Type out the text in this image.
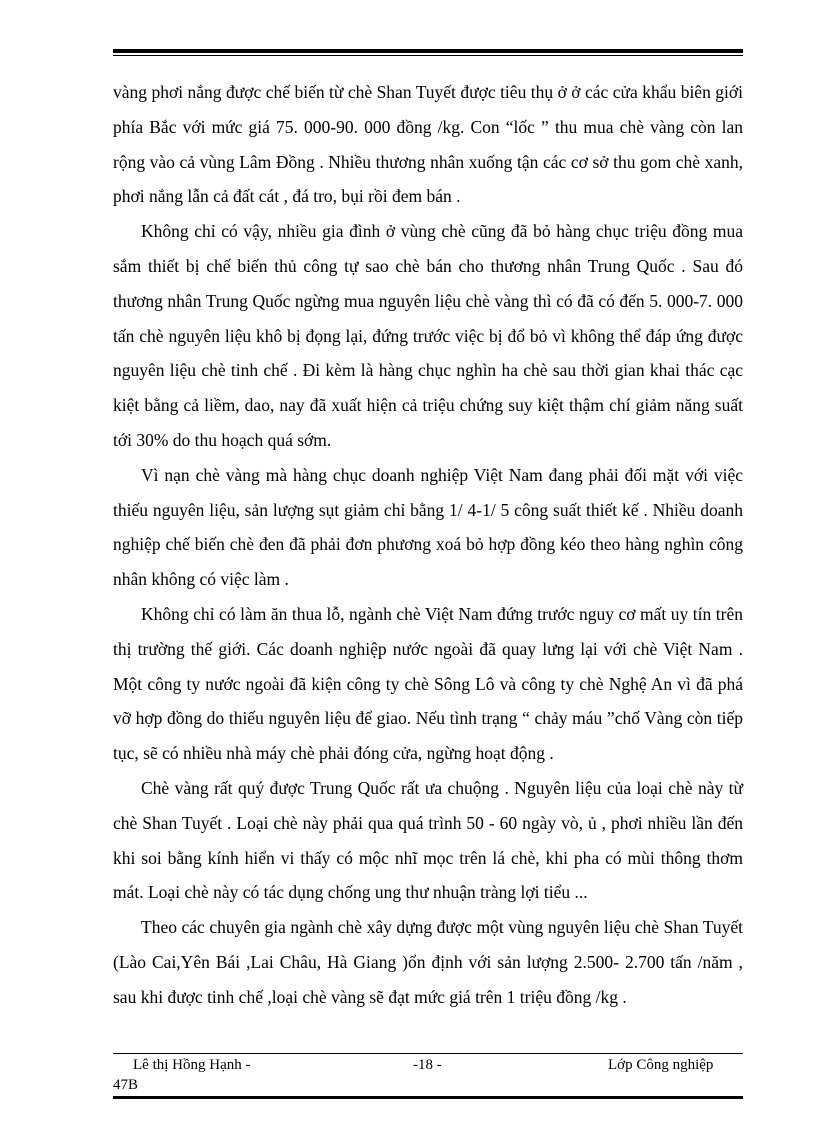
vàng phơi nắng được chế biến từ chè Shan Tuyết được tiêu thụ ở ở các cửa khẩu biên giới phía Bắc với mức giá 75. 000-90. 000 đồng /kg. Con “lốc ” thu mua chè vàng còn lan rộng vào cả vùng Lâm Đồng . Nhiều thương nhân xuống tận các cơ sở thu gom chè xanh, phơi nắng lẫn cả đất cát , đá tro, bụi rồi đem bán .

Không chỉ có vậy, nhiều gia đình ở vùng chè cũng đã bỏ hàng chục triệu đồng mua sắm thiết bị chế biến thủ công tự sao chè bán cho thương nhân Trung Quốc . Sau đó thương nhân Trung Quốc ngừng mua nguyên liệu chè vàng thì có đã có đến 5. 000-7. 000 tấn chè nguyên liệu khô bị đọng lại, đứng trước việc bị đổ bỏ vì không thể đáp ứng được nguyên liệu chè tinh chế . Đi kèm là hàng chục nghìn ha chè sau thời gian khai thác cạc kiệt bằng cả liềm, dao, nay đã xuất hiện cả triệu chứng suy kiệt thậm chí giảm năng suất tới 30% do thu hoạch quá sớm.

Vì nạn chè vàng mà hàng chục doanh nghiệp Việt Nam đang phải đối mặt với việc thiếu nguyên liệu, sản lượng sụt giảm chỉ bằng 1/ 4-1/ 5 công suất thiết kế . Nhiều doanh nghiệp chế biến chè đen đã phải đơn phương xoá bỏ hợp đồng kéo theo hàng nghìn công nhân không có việc làm .

Không chỉ có làm ăn thua lỗ, ngành chè Việt Nam đứng trước nguy cơ mất uy tín trên thị trường thế giới. Các doanh nghiệp nước ngoài đã quay lưng lại với chè Việt Nam . Một công ty nước ngoài đã kiện công ty chè Sông Lô và công ty chè Nghệ An vì đã phá vỡ hợp đồng do thiếu nguyên liệu để giao. Nếu tình trạng “ chảy máu ”chố Vàng còn tiếp tục, sẽ có nhiều nhà máy chè phải đóng cửa, ngừng hoạt động .

Chè vàng rất quý được Trung Quốc rất ưa chuộng . Nguyên liệu của loại chè này từ chè Shan Tuyết . Loại chè này phải qua quá trình 50 - 60 ngày vò, ủ , phơi nhiều lần đến khi soi bằng kính hiển vi thấy có mộc nhĩ mọc trên lá chè, khi pha có mùi thông thơm mát. Loại chè này có tác dụng chống ung thư nhuận tràng lợi tiểu ...

Theo các chuyên gia ngành chè xây dựng được một vùng nguyên liệu chè Shan Tuyết (Lào Cai,Yên Bái ,Lai Châu, Hà Giang )ổn định với sản lượng 2.500- 2.700 tấn /năm , sau khi được tinh chế ,loại chè vàng sẽ đạt mức giá trên 1 triệu đồng /kg .

Lê thị Hồng Hạnh -
47B
-18 -	Lớp Công nghiệp
